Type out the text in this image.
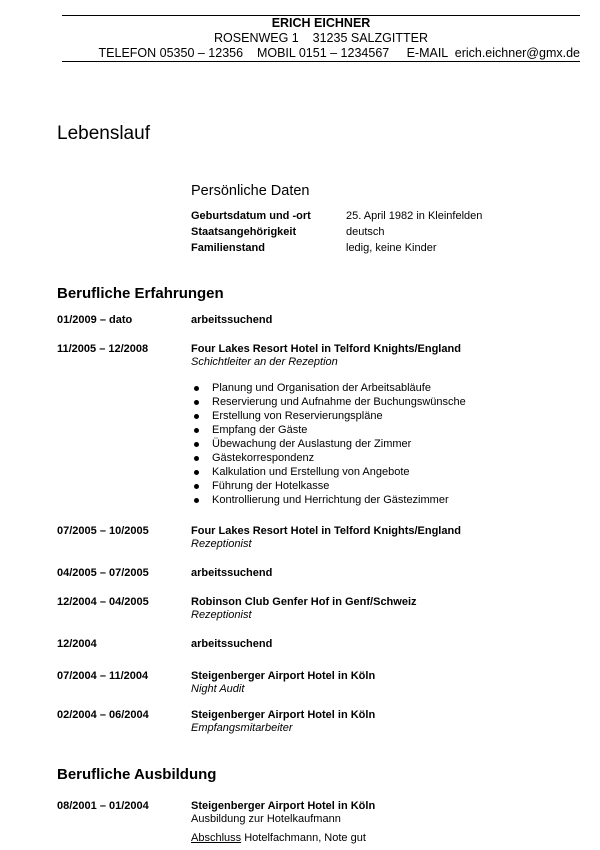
ERICH EICHNER
ROSENWEG 1    31235 SALZGITTER
TELEFON 05350 – 12356    MOBIL 0151 – 1234567     E-MAIL  erich.eichner@gmx.de
Lebenslauf
Persönliche Daten
Geburtsdatum und -ort	25. April 1982 in Kleinfelden
Staatsangehörigkeit	deutsch
Familienstand	ledig, keine Kinder
Berufliche Erfahrungen
01/2009 – dato	arbeitssuchend
11/2005 – 12/2008	Four Lakes Resort Hotel in Telford Knights/England
Schichtleiter an der Rezeption
Planung und Organisation der Arbeitsabläufe
Reservierung und Aufnahme der Buchungswünsche
Erstellung von Reservierungspläne
Empfang der Gäste
Übewachung der Auslastung der Zimmer
Gästekorrespondenz
Kalkulation und Erstellung von Angebote
Führung der Hotelkasse
Kontrollierung und Herrichtung der Gästezimmer
07/2005 – 10/2005	Four Lakes Resort Hotel in Telford Knights/England
Rezeptionist
04/2005 – 07/2005	arbeitssuchend
12/2004 – 04/2005	Robinson Club Genfer Hof in Genf/Schweiz
Rezeptionist
12/2004	arbeitssuchend
07/2004 – 11/2004	Steigenberger Airport Hotel in Köln
Night Audit
02/2004 – 06/2004	Steigenberger Airport Hotel in Köln
Empfangsmitarbeiter
Berufliche Ausbildung
08/2001 – 01/2004	Steigenberger Airport Hotel in Köln
Ausbildung zur Hotelkaufmann
Abschluss Hotelfachmann, Note gut
